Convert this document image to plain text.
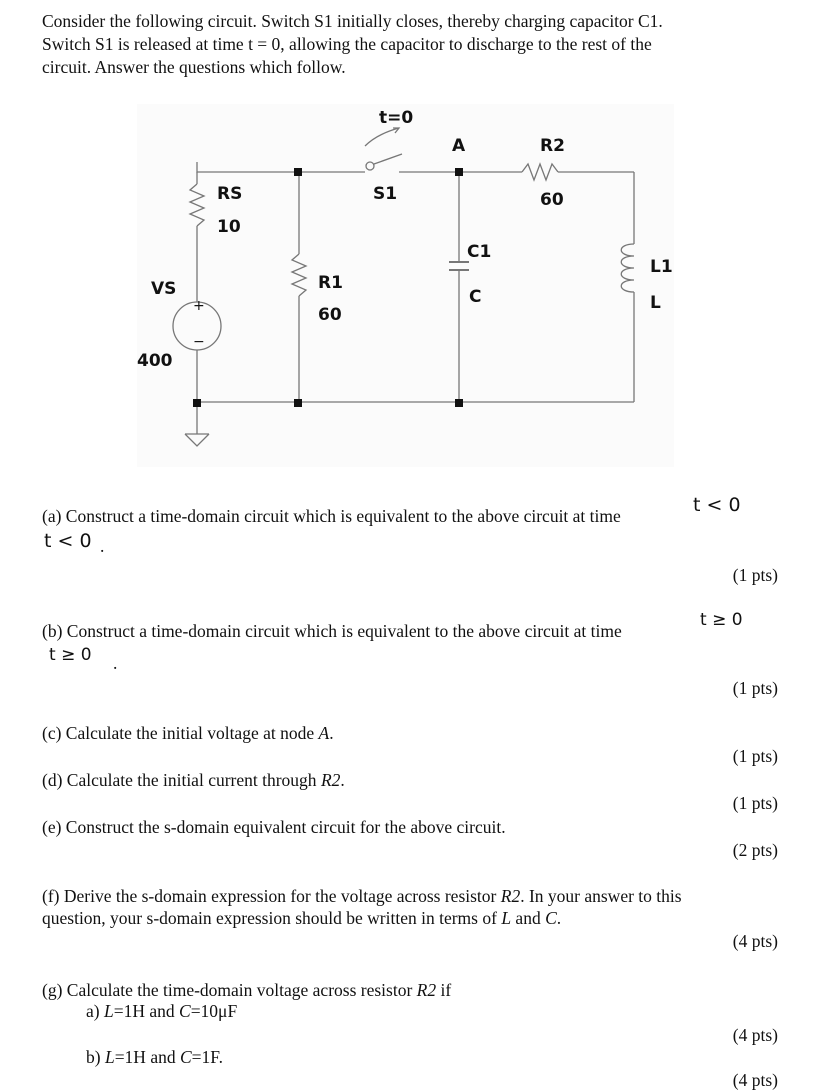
Consider the following circuit. Switch S1 initially closes, thereby charging capacitor C1.
Switch S1 is released at time t = 0, allowing the capacitor to discharge to the rest of the
circuit. Answer the questions which follow.
t=0
A	R2
60
RS
10
S1
C1
C
VS
400
R1
60
L1
L
+
−
(a) Construct a time-domain circuit which is equivalent to the above circuit at time	t < 0
t < 0 .
(1 pts)
(b) Construct a time-domain circuit which is equivalent to the above circuit at time
t ≥ 0
t ≥ 0 .
(1 pts)
(c) Calculate the initial voltage at node A.
(1 pts)
(d) Calculate the initial current through R2.
(1 pts)
(e) Construct the s-domain equivalent circuit for the above circuit.
(2 pts)
(f) Derive the s-domain expression for the voltage across resistor R2. In your answer to this
question, your s-domain expression should be written in terms of L and C.
(4 pts)
(g) Calculate the time-domain voltage across resistor R2 if
a) L=1H and C=10μF
(4 pts)
b) L=1H and C=1F.
(4 pts)
